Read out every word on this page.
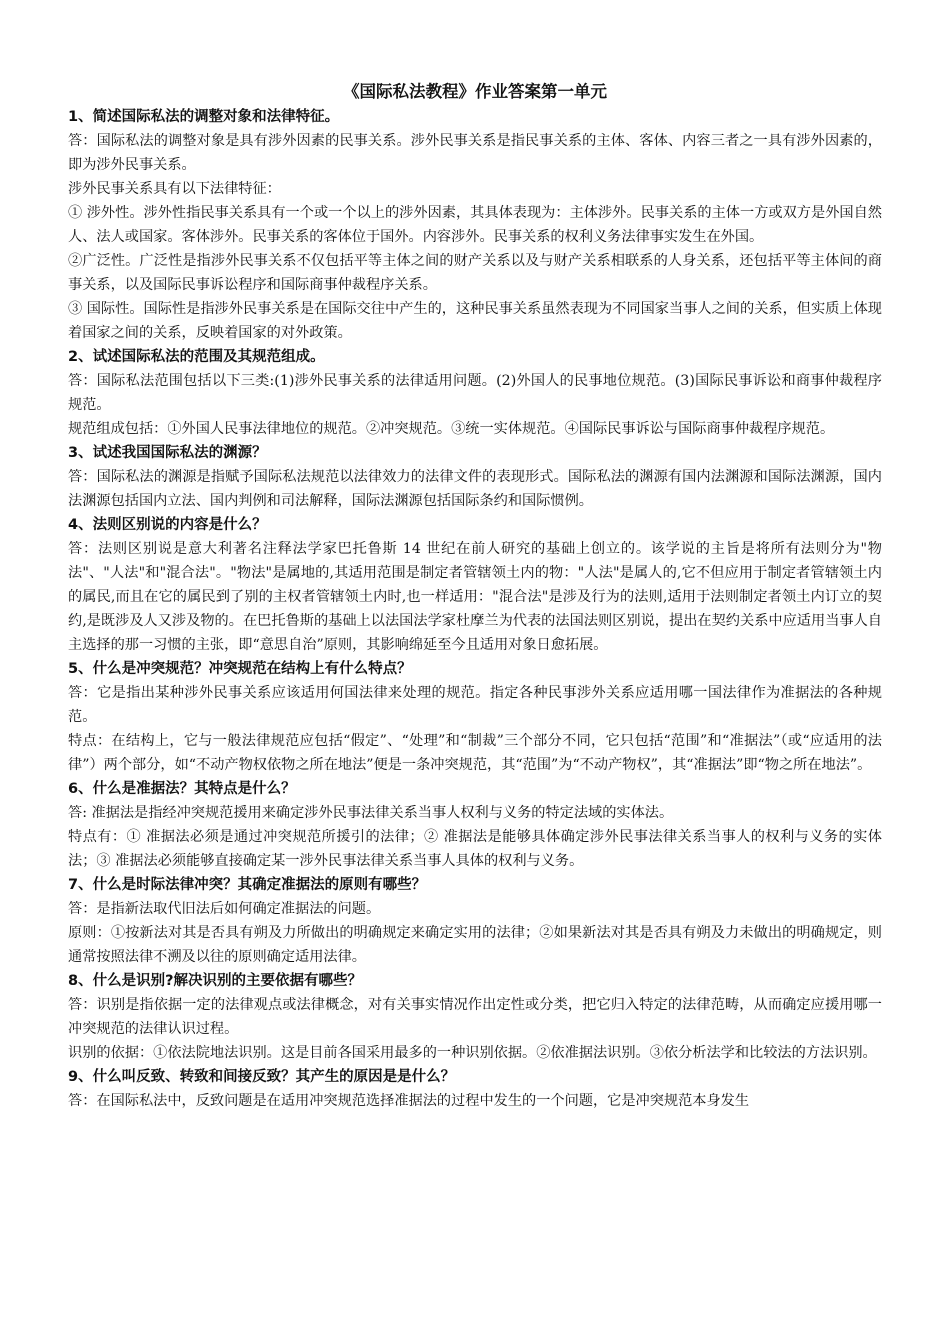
《国际私法教程》作业答案第一单元
1、简述国际私法的调整对象和法律特征。
答：国际私法的调整对象是具有涉外因素的民事关系。涉外民事关系是指民事关系的主体、客体、内容三者之一具有涉外因素的，即为涉外民事关系。
涉外民事关系具有以下法律特征：
① 涉外性。涉外性指民事关系具有一个或一个以上的涉外因素，其具体表现为：主体涉外。民事关系的主体一方或双方是外国自然人、法人或国家。客体涉外。民事关系的客体位于国外。内容涉外。民事关系的权利义务法律事实发生在外国。
②广泛性。广泛性是指涉外民事关系不仅包括平等主体之间的财产关系以及与财产关系相联系的人身关系，还包括平等主体间的商事关系，以及国际民事诉讼程序和国际商事仲裁程序关系。
③ 国际性。国际性是指涉外民事关系是在国际交往中产生的，这种民事关系虽然表现为不同国家当事人之间的关系，但实质上体现着国家之间的关系，反映着国家的对外政策。
2、试述国际私法的范围及其规范组成。
答：国际私法范围包括以下三类:(1)涉外民事关系的法律适用问题。(2)外国人的民事地位规范。(3)国际民事诉讼和商事仲裁程序规范。
规范组成包括：①外国人民事法律地位的规范。②冲突规范。③统一实体规范。④国际民事诉讼与国际商事仲裁程序规范。
3、试述我国国际私法的渊源？
答：国际私法的渊源是指赋予国际私法规范以法律效力的法律文件的表现形式。国际私法的渊源有国内法渊源和国际法渊源，国内法渊源包括国内立法、国内判例和司法解释，国际法渊源包括国际条约和国际惯例。
4、法则区别说的内容是什么？
答：法则区别说是意大利著名注释法学家巴托鲁斯 14 世纪在前人研究的基础上创立的。该学说的主旨是将所有法则分为"物法"、"人法"和"混合法"。"物法"是属地的,其适用范围是制定者管辖领土内的物："人法"是属人的,它不但应用于制定者管辖领土内的属民,而且在它的属民到了别的主权者管辖领土内时,也一样适用："混合法"是涉及行为的法则,适用于法则制定者领土内订立的契约,是既涉及人又涉及物的。在巴托鲁斯的基础上以法国法学家杜摩兰为代表的法国法则区别说，提出在契约关系中应适用当事人自主选择的那一习惯的主张，即“意思自治”原则，其影响绵延至今且适用对象日愈拓展。
5、什么是冲突规范？冲突规范在结构上有什么特点？
答：它是指出某种涉外民事关系应该适用何国法律来处理的规范。指定各种民事涉外关系应适用哪一国法律作为准据法的各种规范。
特点：在结构上，它与一般法律规范应包括“假定”、“处理”和“制裁”三个部分不同，它只包括“范围”和“准据法”（或“应适用的法律”）两个部分，如“不动产物权依物之所在地法”便是一条冲突规范，其“范围”为“不动产物权”，其“准据法”即“物之所在地法”。
6、什么是准据法？其特点是什么？
答: 准据法是指经冲突规范援用来确定涉外民事法律关系当事人权利与义务的特定法域的实体法。
特点有：① 准据法必须是通过冲突规范所援引的法律；② 准据法是能够具体确定涉外民事法律关系当事人的权利与义务的实体法；③ 准据法必须能够直接确定某一涉外民事法律关系当事人具体的权利与义务。
7、什么是时际法律冲突？其确定准据法的原则有哪些？
答：是指新法取代旧法后如何确定准据法的问题。
原则：①按新法对其是否具有朔及力所做出的明确规定来确定实用的法律；②如果新法对其是否具有朔及力未做出的明确规定，则通常按照法律不溯及以往的原则确定适用法律。
8、什么是识别?解决识别的主要依据有哪些？
答：识别是指依据一定的法律观点或法律概念，对有关事实情况作出定性或分类，把它归入特定的法律范畴，从而确定应援用哪一冲突规范的法律认识过程。
识别的依据：①依法院地法识别。这是目前各国采用最多的一种识别依据。②依准据法识别。③依分析法学和比较法的方法识别。
9、什么叫反致、转致和间接反致？其产生的原因是是什么？
答：在国际私法中，反致问题是在适用冲突规范选择准据法的过程中发生的一个问题，它是冲突规范本身发生
